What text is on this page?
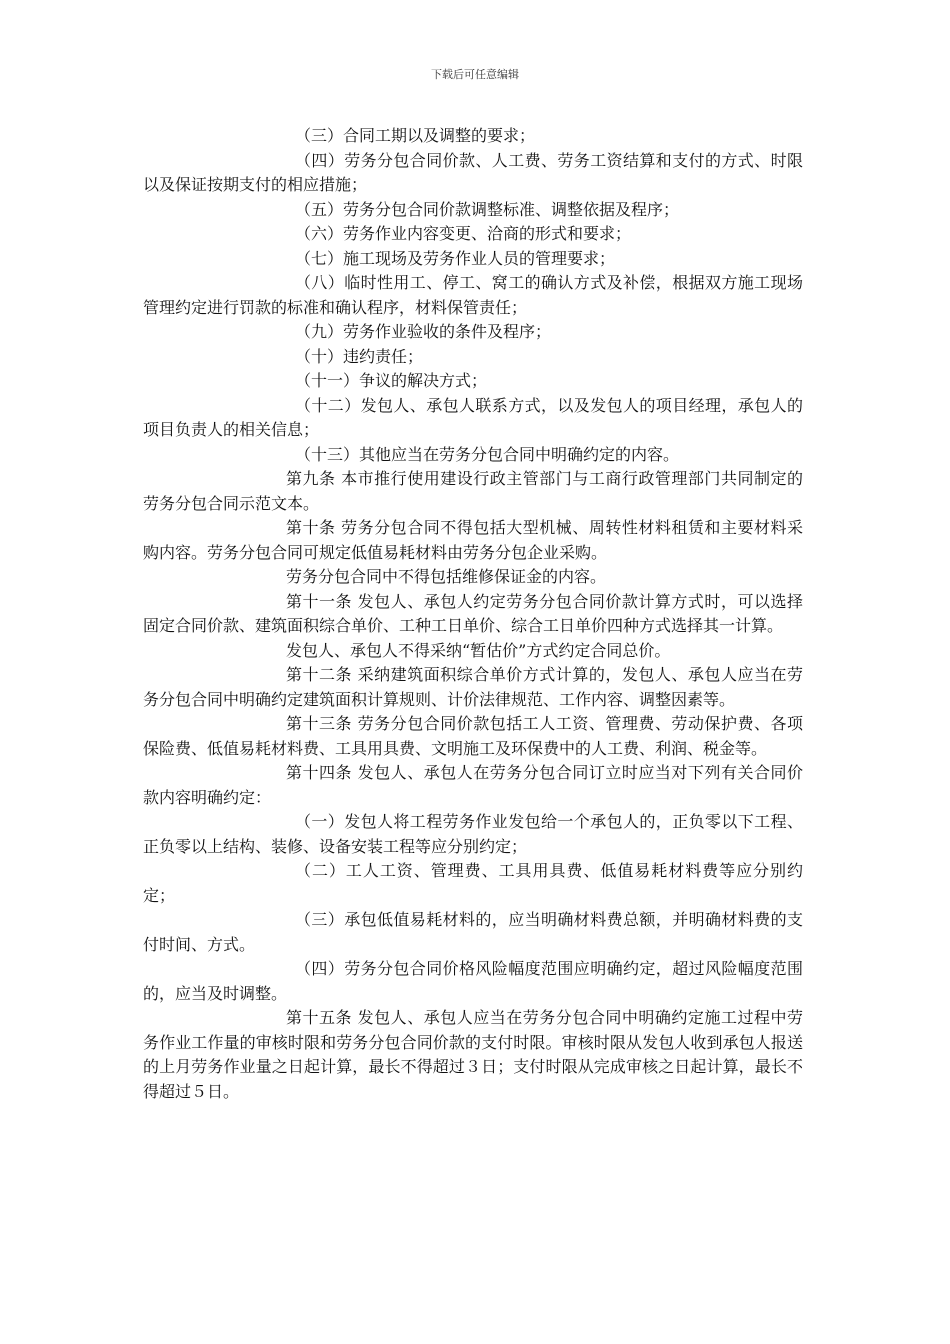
下载后可任意编辑

（三）合同工期以及调整的要求；

（四）劳务分包合同价款、人工费、劳务工资结算和支付的方式、时限以及保证按期支付的相应措施；

（五）劳务分包合同价款调整标准、调整依据及程序；

（六）劳务作业内容变更、洽商的形式和要求；

（七）施工现场及劳务作业人员的管理要求；

（八）临时性用工、停工、窝工的确认方式及补偿，根据双方施工现场管理约定进行罚款的标准和确认程序，材料保管责任；

（九）劳务作业验收的条件及程序；

（十）违约责任；

（十一）争议的解决方式；

（十二）发包人、承包人联系方式，以及发包人的项目经理，承包人的项目负责人的相关信息；

（十三）其他应当在劳务分包合同中明确约定的内容。

第九条 本市推行使用建设行政主管部门与工商行政管理部门共同制定的劳务分包合同示范文本。

第十条 劳务分包合同不得包括大型机械、周转性材料租赁和主要材料采购内容。劳务分包合同可规定低值易耗材料由劳务分包企业采购。

劳务分包合同中不得包括维修保证金的内容。

第十一条 发包人、承包人约定劳务分包合同价款计算方式时，可以选择固定合同价款、建筑面积综合单价、工种工日单价、综合工日单价四种方式选择其一计算。

发包人、承包人不得采纳“暂估价”方式约定合同总价。

第十二条 采纳建筑面积综合单价方式计算的，发包人、承包人应当在劳务分包合同中明确约定建筑面积计算规则、计价法律规范、工作内容、调整因素等。

第十三条 劳务分包合同价款包括工人工资、管理费、劳动保护费、各项保险费、低值易耗材料费、工具用具费、文明施工及环保费中的人工费、利润、税金等。

第十四条 发包人、承包人在劳务分包合同订立时应当对下列有关合同价款内容明确约定：

（一）发包人将工程劳务作业发包给一个承包人的，正负零以下工程、正负零以上结构、装修、设备安装工程等应分别约定；

（二）工人工资、管理费、工具用具费、低值易耗材料费等应分别约定；

（三）承包低值易耗材料的，应当明确材料费总额，并明确材料费的支付时间、方式。

（四）劳务分包合同价格风险幅度范围应明确约定，超过风险幅度范围的，应当及时调整。

第十五条 发包人、承包人应当在劳务分包合同中明确约定施工过程中劳务作业工作量的审核时限和劳务分包合同价款的支付时限。审核时限从发包人收到承包人报送的上月劳务作业量之日起计算，最长不得超过３日；支付时限从完成审核之日起计算，最长不得超过５日。
